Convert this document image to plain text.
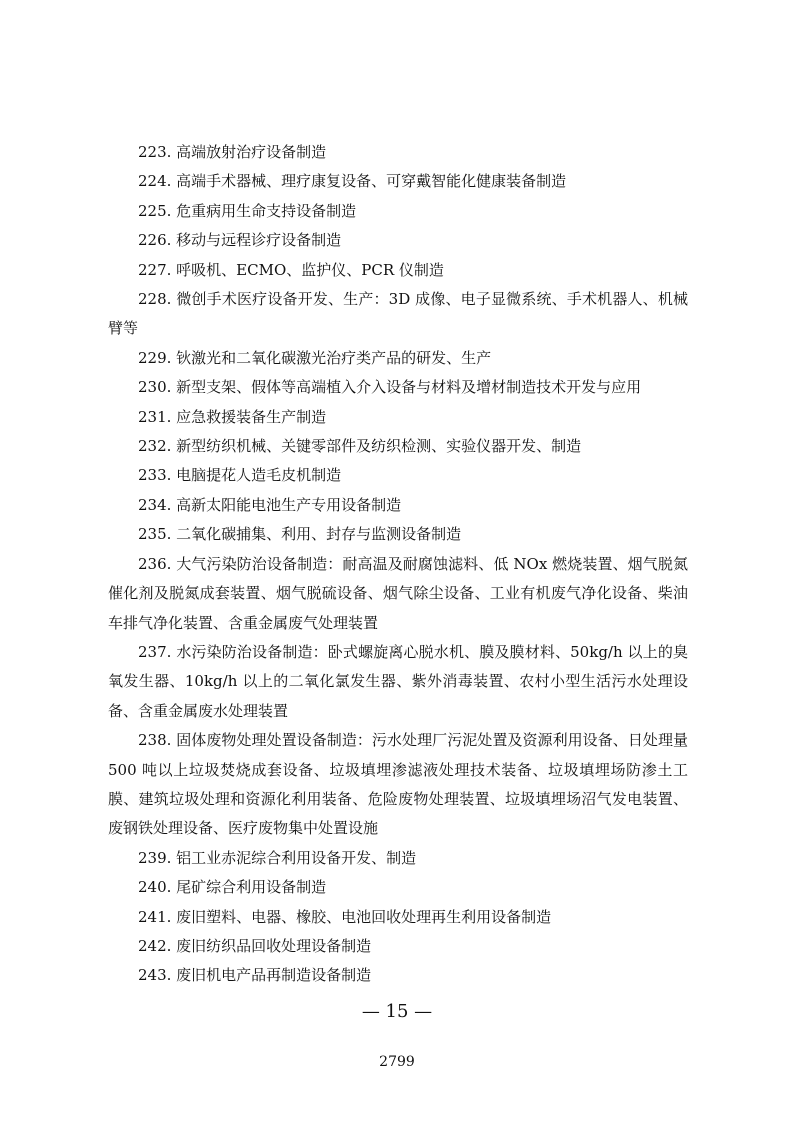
223. 高端放射治疗设备制造

224. 高端手术器械、理疗康复设备、可穿戴智能化健康装备制造

225. 危重病用生命支持设备制造

226. 移动与远程诊疗设备制造

227. 呼吸机、ECMO、监护仪、PCR 仪制造

228. 微创手术医疗设备开发、生产：3D 成像、电子显微系统、手术机器人、机械臂等

229. 钬激光和二氧化碳激光治疗类产品的研发、生产

230. 新型支架、假体等高端植入介入设备与材料及增材制造技术开发与应用

231. 应急救援装备生产制造

232. 新型纺织机械、关键零部件及纺织检测、实验仪器开发、制造

233. 电脑提花人造毛皮机制造

234. 高新太阳能电池生产专用设备制造

235. 二氧化碳捕集、利用、封存与监测设备制造

236. 大气污染防治设备制造：耐高温及耐腐蚀滤料、低 NOx 燃烧装置、烟气脱氮催化剂及脱氮成套装置、烟气脱硫设备、烟气除尘设备、工业有机废气净化设备、柴油车排气净化装置、含重金属废气处理装置

237. 水污染防治设备制造：卧式螺旋离心脱水机、膜及膜材料、50kg/h 以上的臭氧发生器、10kg/h 以上的二氧化氯发生器、紫外消毒装置、农村小型生活污水处理设备、含重金属废水处理装置

238. 固体废物处理处置设备制造：污水处理厂污泥处置及资源利用设备、日处理量 500 吨以上垃圾焚烧成套设备、垃圾填埋渗滤液处理技术装备、垃圾填埋场防渗土工膜、建筑垃圾处理和资源化利用装备、危险废物处理装置、垃圾填埋场沼气发电装置、废钢铁处理设备、医疗废物集中处置设施

239. 铝工业赤泥综合利用设备开发、制造

240. 尾矿综合利用设备制造

241. 废旧塑料、电器、橡胶、电池回收处理再生利用设备制造

242. 废旧纺织品回收处理设备制造

243. 废旧机电产品再制造设备制造

— 15 —
2799
